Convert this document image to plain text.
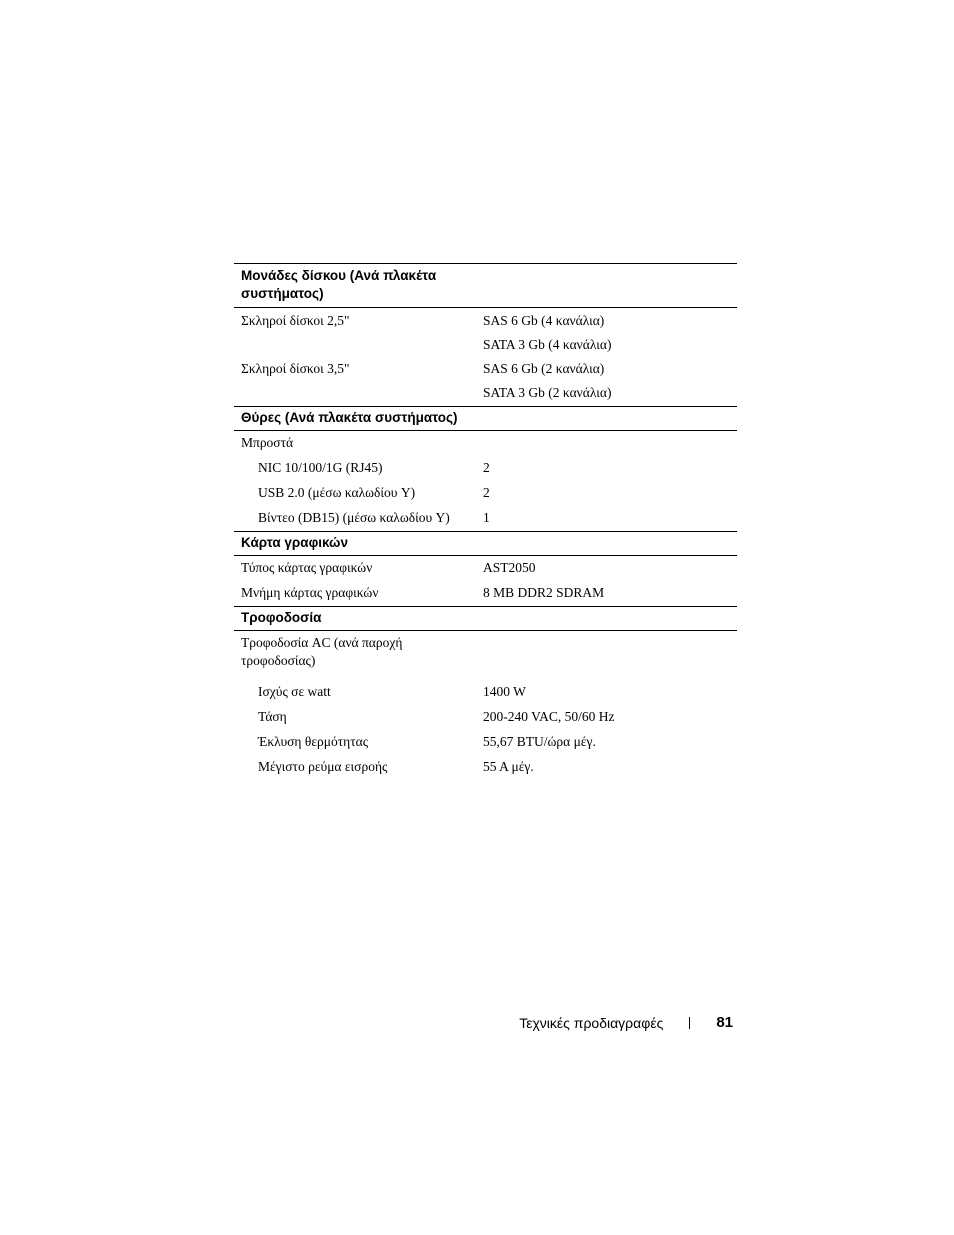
Μονάδες δίσκου (Ανά πλακέτα συστήματος)
Σκληροί δίσκοι 2,5"	SAS 6 Gb (4 κανάλια)
SATA 3 Gb (4 κανάλια)
Σκληροί δίσκοι 3,5"	SAS 6 Gb (2 κανάλια)
SATA 3 Gb (2 κανάλια)
Θύρες (Ανά πλακέτα συστήματος)
Μπροστά
NIC 10/100/1G (RJ45)	2
USB 2.0 (μέσω καλωδίου Y)	2
Βίντεο (DB15) (μέσω καλωδίου Y)	1
Κάρτα γραφικών
Τύπος κάρτας γραφικών	AST2050
Μνήμη κάρτας γραφικών	8 MB DDR2 SDRAM
Τροφοδοσία
Τροφοδοσία AC (ανά παροχή τροφοδοσίας)
Ισχύς σε watt	1400 W
Τάση	200-240 VAC, 50/60 Hz
Έκλυση θερμότητας	55,67 BTU/ώρα μέγ.
Μέγιστο ρεύμα εισροής	55 A μέγ.
Τεχνικές προδιαγραφές	81
